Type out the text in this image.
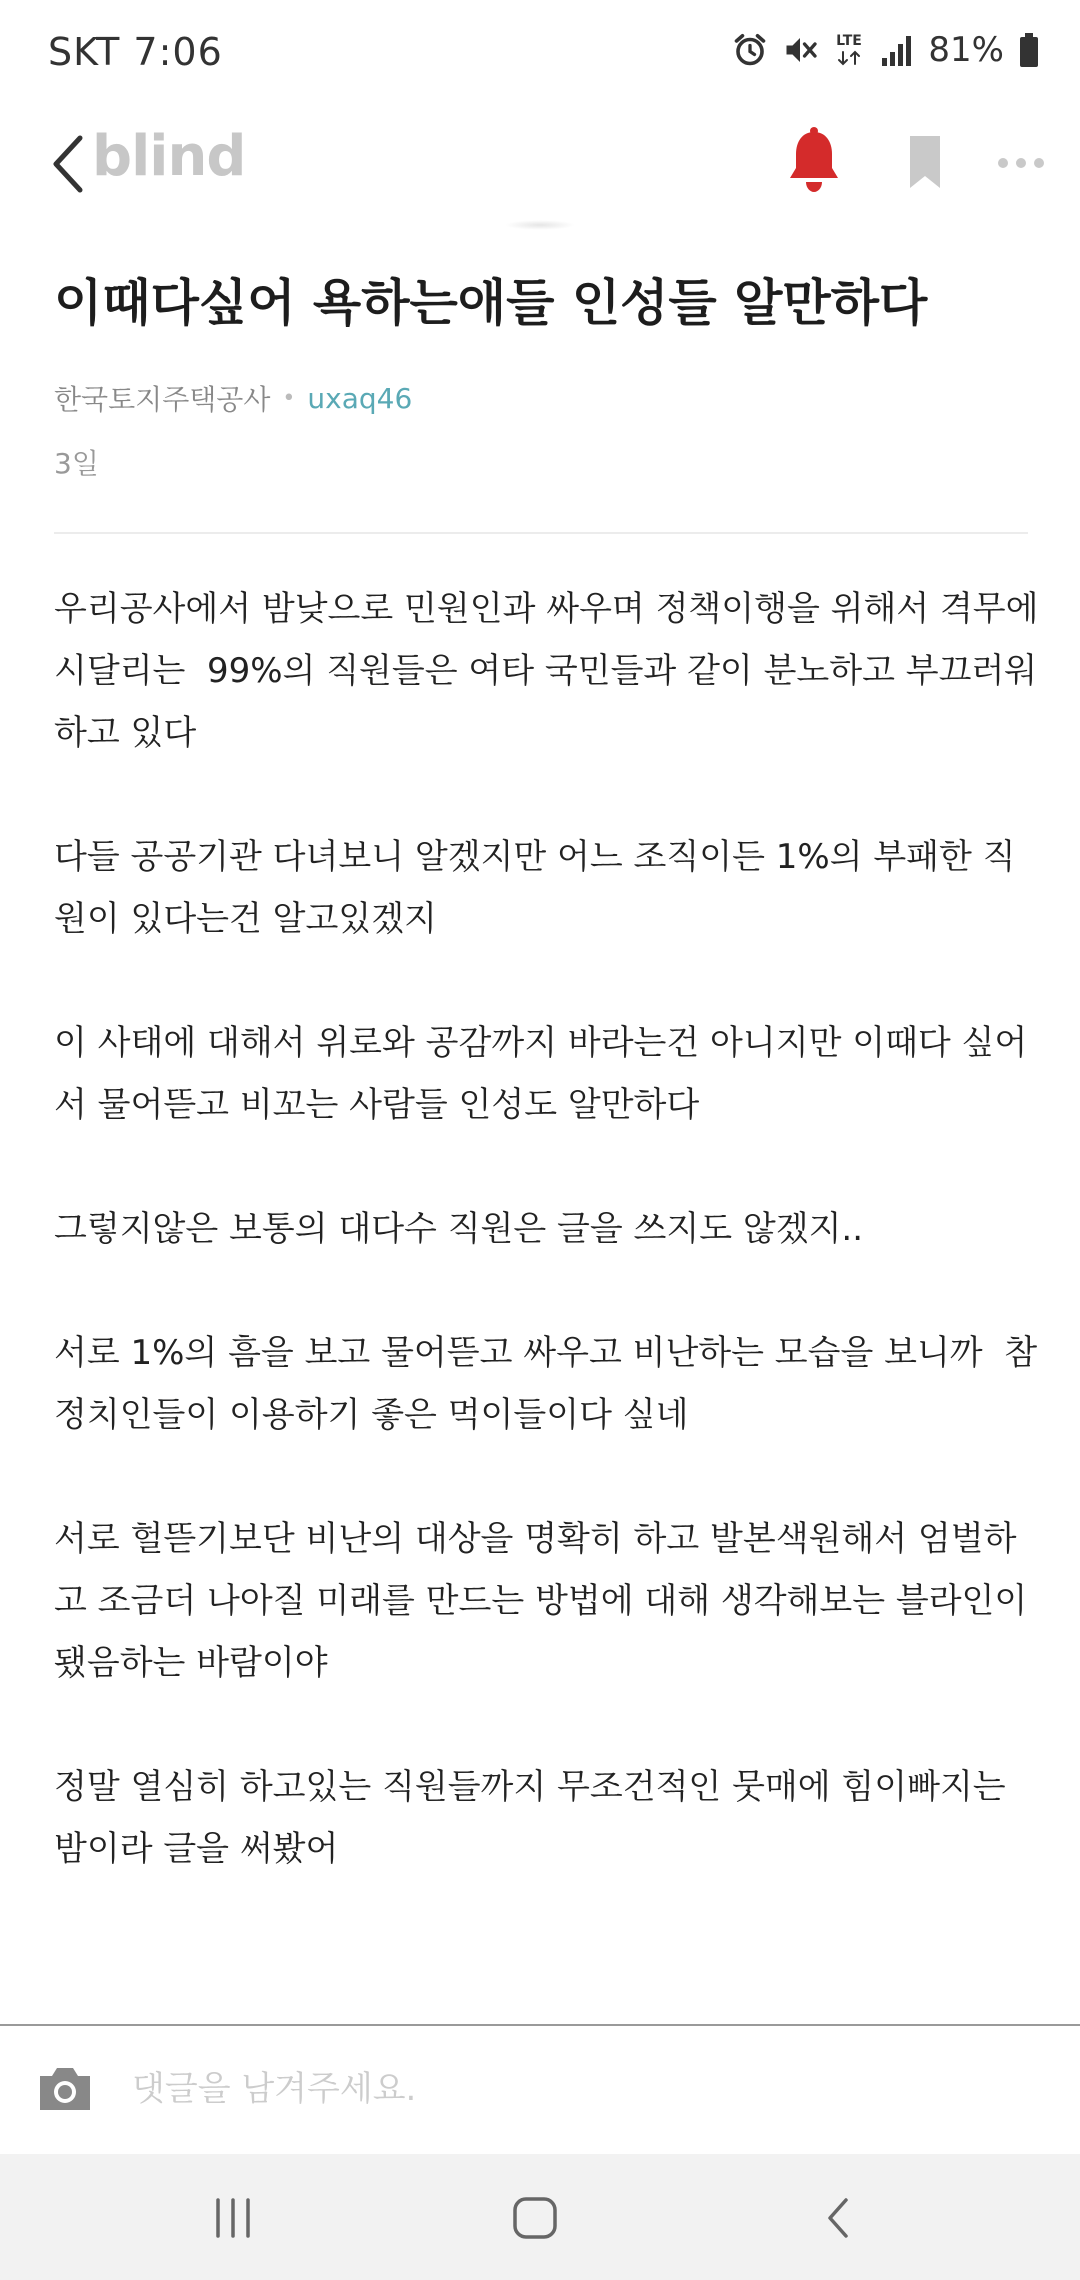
SKT 7:06	LTE 81%
blind
이때다싶어 욕하는애들 인성들 알만하다
한국토지주택공사 • uxaq46
3일

우리공사에서 밤낮으로 민원인과 싸우며 정책이행을 위해서 격무에 시달리는  99%의 직원들은 여타 국민들과 같이 분노하고 부끄러워하고 있다

다들 공공기관 다녀보니 알겠지만 어느 조직이든 1%의 부패한 직원이 있다는건 알고있겠지

이 사태에 대해서 위로와 공감까지 바라는건 아니지만 이때다 싶어서 물어뜯고 비꼬는 사람들 인성도 알만하다

그렇지않은 보통의 대다수 직원은 글을 쓰지도 않겠지..

서로 1%의 흠을 보고 물어뜯고 싸우고 비난하는 모습을 보니까  참 정치인들이 이용하기 좋은 먹이들이다 싶네

서로 헐뜯기보단 비난의 대상을 명확히 하고 발본색원해서 엄벌하고 조금더 나아질 미래를 만드는 방법에 대해 생각해보는 블라인이 됐음하는 바람이야

정말 열심히 하고있는 직원들까지 무조건적인 뭇매에 힘이빠지는 밤이라 글을 써봤어

댓글을 남겨주세요.
